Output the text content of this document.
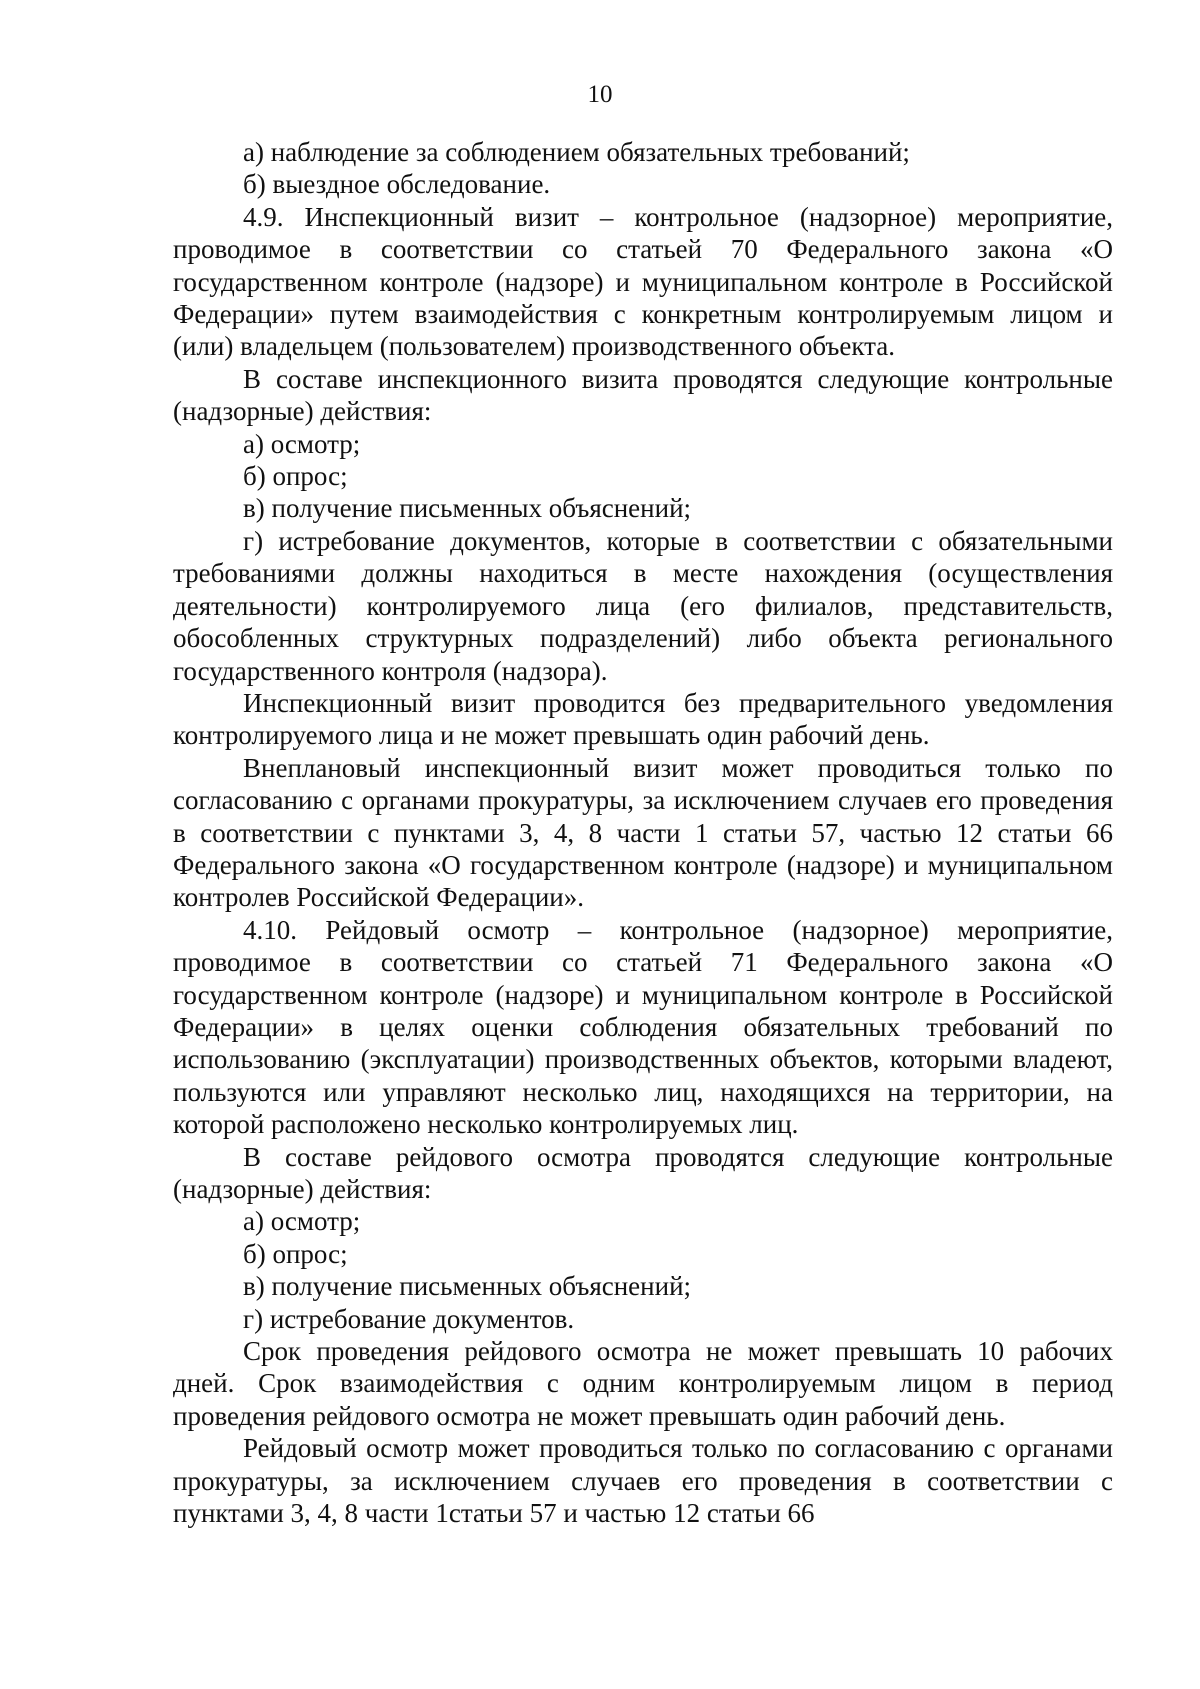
10

а) наблюдение за соблюдением обязательных требований;

б) выездное обследование.

4.9. Инспекционный визит – контрольное (надзорное) мероприятие, проводимое в соответствии со статьей 70 Федерального закона «О государственном контроле (надзоре) и муниципальном контроле в Российской Федерации» путем взаимодействия с конкретным контролируемым лицом и (или) владельцем (пользователем) производственного объекта.

В составе инспекционного визита проводятся следующие контрольные (надзорные) действия:

а) осмотр;

б) опрос;

в) получение письменных объяснений;

г) истребование документов, которые в соответствии с обязательными требованиями должны находиться в месте нахождения (осуществления деятельности) контролируемого лица (его филиалов, представительств, обособленных структурных подразделений) либо объекта регионального государственного контроля (надзора).

Инспекционный визит проводится без предварительного уведомления контролируемого лица и не может превышать один рабочий день.

Внеплановый инспекционный визит может проводиться только по согласованию с органами прокуратуры, за исключением случаев его проведения в соответствии с пунктами 3, 4, 8 части 1 статьи 57, частью 12 статьи 66 Федерального закона «О государственном контроле (надзоре) и муниципальном контролев Российской Федерации».

4.10. Рейдовый осмотр – контрольное (надзорное) мероприятие, проводимое в соответствии со статьей 71 Федерального закона «О государственном контроле (надзоре) и муниципальном контроле в Российской Федерации» в целях оценки соблюдения обязательных требований по использованию (эксплуатации) производственных объектов, которыми владеют, пользуются или управляют несколько лиц, находящихся на территории, на которой расположено несколько контролируемых лиц.

В составе рейдового осмотра проводятся следующие контрольные (надзорные) действия:

а) осмотр;

б) опрос;

в) получение письменных объяснений;

г) истребование документов.

Срок проведения рейдового осмотра не может превышать 10 рабочих дней. Срок взаимодействия с одним контролируемым лицом в период проведения рейдового осмотра не может превышать один рабочий день.

Рейдовый осмотр может проводиться только по согласованию с органами прокуратуры, за исключением случаев его проведения в соответствии с пунктами 3, 4, 8 части 1статьи 57 и частью 12 статьи 66
